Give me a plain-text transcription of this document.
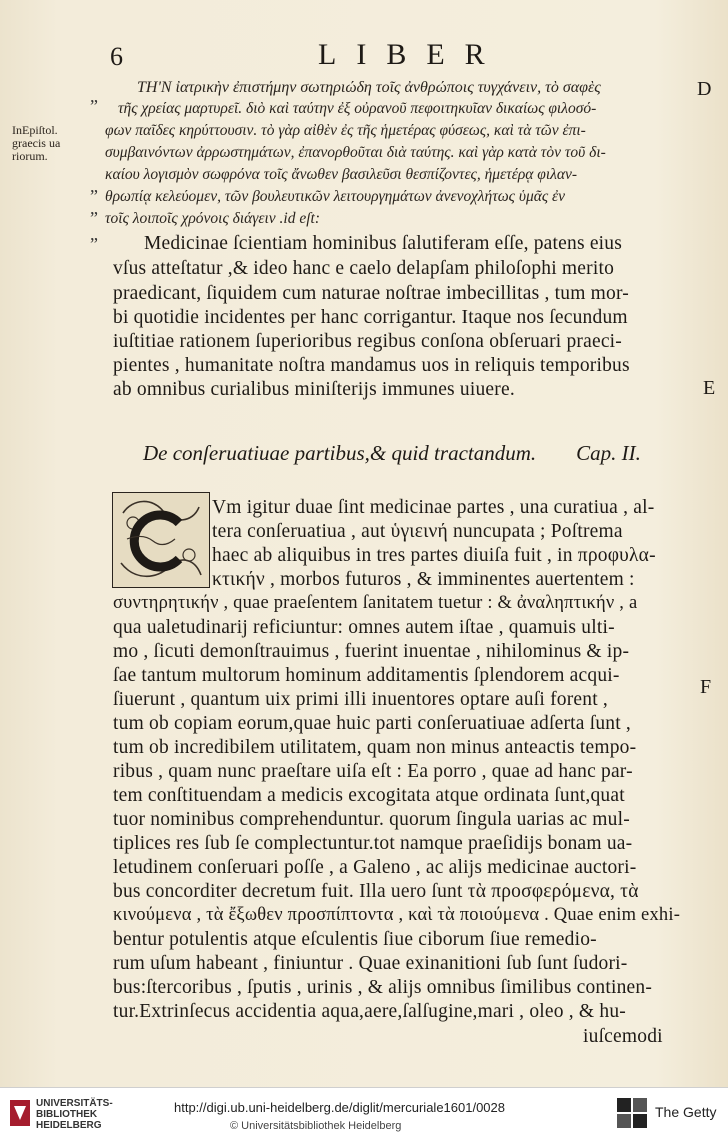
6	LIBER
ΤΗ'Ν ἰατρικὴν ἐπιστήμην σωτηριώδη τοῖς ἀνθρώποις τυγχάνειν, τὸ σαφὲς
τῆς χρείας μαρτυρεῖ. διὸ καὶ ταύτην ἐξ οὐρανοῦ πεφοιτηκυῖαν δικαίως φιλοσό-
φων παῖδες κηρύττουσιν. τὸ γὰρ αἰθὲν ἐς τῆς ἡμετέρας φύσεως, καὶ τὰ τῶν ἐπι-
συμβαινόντων ἀρρωστημάτων, ἐπανορθοῦται διὰ ταύτης. καὶ γὰρ κατὰ τὸν τοῦ δι-
καίου λογισμὸν σωφρόνα τοῖς ἄνωθεν βασιλεῦσι θεσπίζοντες, ἡμετέρᾳ φιλαν-
θρωπίᾳ κελεύομεν, τῶν βουλευτικῶν λειτουργημάτων ἀνενοχλήτως ὑμᾶς ἐν
τοῖς λοιποῖς χρόνοις διάγειν .id eſt:
”
”
”
”
InEpiſtol.
graecis ua
riorum.
D
E
F
Medicinae ſcientiam hominibus ſalutiferam eſſe, patens eius
vſus atteſtatur ,& ideo hanc e caelo delapſam philoſophi merito
praedicant, ſiquidem cum naturae noſtrae imbecillitas , tum mor-
bi quotidie incidentes per hanc corrigantur. Itaque nos ſecundum
iuſtitiae rationem ſuperioribus regibus conſona obſeruari praeci-
pientes , humanitate noſtra mandamus uos in reliquis temporibus
ab omnibus curialibus miniſterijs immunes uiuere.
De conſeruatiuae partibus,& quid tractandum. Cap. II.
Vm igitur duae ſint medicinae partes , una curatiua , al-
tera conſeruatiua , aut ὑγιεινή nuncupata ; Poſtrema
haec ab aliquibus in tres partes diuiſa fuit , in προφυλα-
κτικήν , morbos futuros , & imminentes auertentem :
συντηρητικήν , quae praeſentem ſanitatem tuetur : & ἀναληπτικήν , a
qua ualetudinarij reficiuntur: omnes autem iſtae , quamuis ulti-
mo , ſicuti demonſtrauimus , fuerint inuentae , nihilominus & ip-
ſae tantum multorum hominum additamentis ſplendorem acqui-
ſiuerunt , quantum uix primi illi inuentores optare auſi forent ,
tum ob copiam eorum,quae huic parti conſeruatiuae adſerta ſunt ,
tum ob incredibilem utilitatem, quam non minus anteactis tempo-
ribus , quam nunc praeſtare uiſa eſt : Ea porro , quae ad hanc par-
tem conſtituendam a medicis excogitata atque ordinata ſunt,quat
tuor nominibus comprehenduntur. quorum ſingula uarias ac mul-
tiplices res ſub ſe complectuntur.tot namque praeſidijs bonam ua-
letudinem conſeruari poſſe , a Galeno , ac alijs medicinae auctori-
bus concorditer decretum fuit. Illa uero ſunt τὰ προσφερόμενα, τὰ
κινούμενα , τὰ ἔξωθεν προσπίπτοντα , καὶ τὰ ποιούμενα . Quae enim exhi-
bentur potulentis atque eſculentis ſiue ciborum ſiue remedio-
rum uſum habeant , finiuntur . Quae exinanitioni ſub ſunt ſudori-
bus:ſtercoribus , ſputis , urinis , & alijs omnibus ſimilibus continen-
tur.Extrinſecus accidentia aqua,aere,ſalſugine,mari , oleo , & hu-
iuſcemodi
UNIVERSITÄTS-
BIBLIOTHEK
HEIDELBERG
http://digi.ub.uni-heidelberg.de/diglit/mercuriale1601/0028
© Universitätsbibliothek Heidelberg
The Getty
